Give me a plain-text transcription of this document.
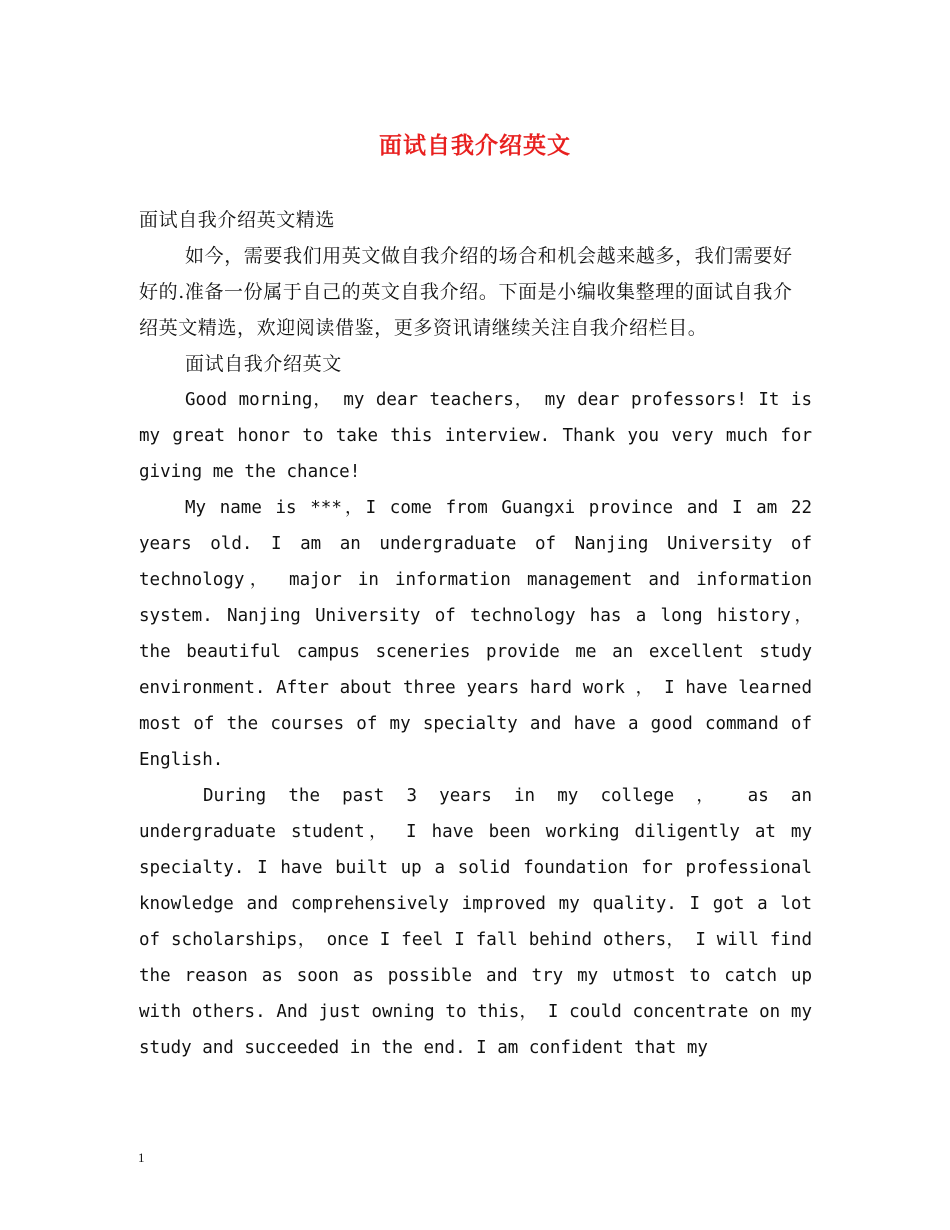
面试自我介绍英文

面试自我介绍英文精选

如今，需要我们用英文做自我介绍的场合和机会越来越多，我们需要好好的.准备一份属于自己的英文自我介绍。下面是小编收集整理的面试自我介绍英文精选，欢迎阅读借鉴，更多资讯请继续关注自我介绍栏目。

面试自我介绍英文

Good morning， my dear teachers， my dear professors! It is my great honor to take this interview. Thank you very much for giving me the chance!

My name is ***，I come from Guangxi province and I am 22 years old. I am an undergraduate of Nanjing University of technology， major in information management and information system. Nanjing University of technology has a long history， the beautiful campus sceneries provide me an excellent study environment. After about three years hard work ， I have learned most of the courses of my specialty and have a good command of English.

During the past 3 years in my college ， as an undergraduate student， I have been working diligently at my specialty. I have built up a solid foundation for professional knowledge and comprehensively improved my quality. I got a lot of scholarships， once I feel I fall behind others， I will find the reason as soon as possible and try my utmost to catch up with others. And just owning to this， I could concentrate on my study and succeeded in the end. I am confident that my

1
